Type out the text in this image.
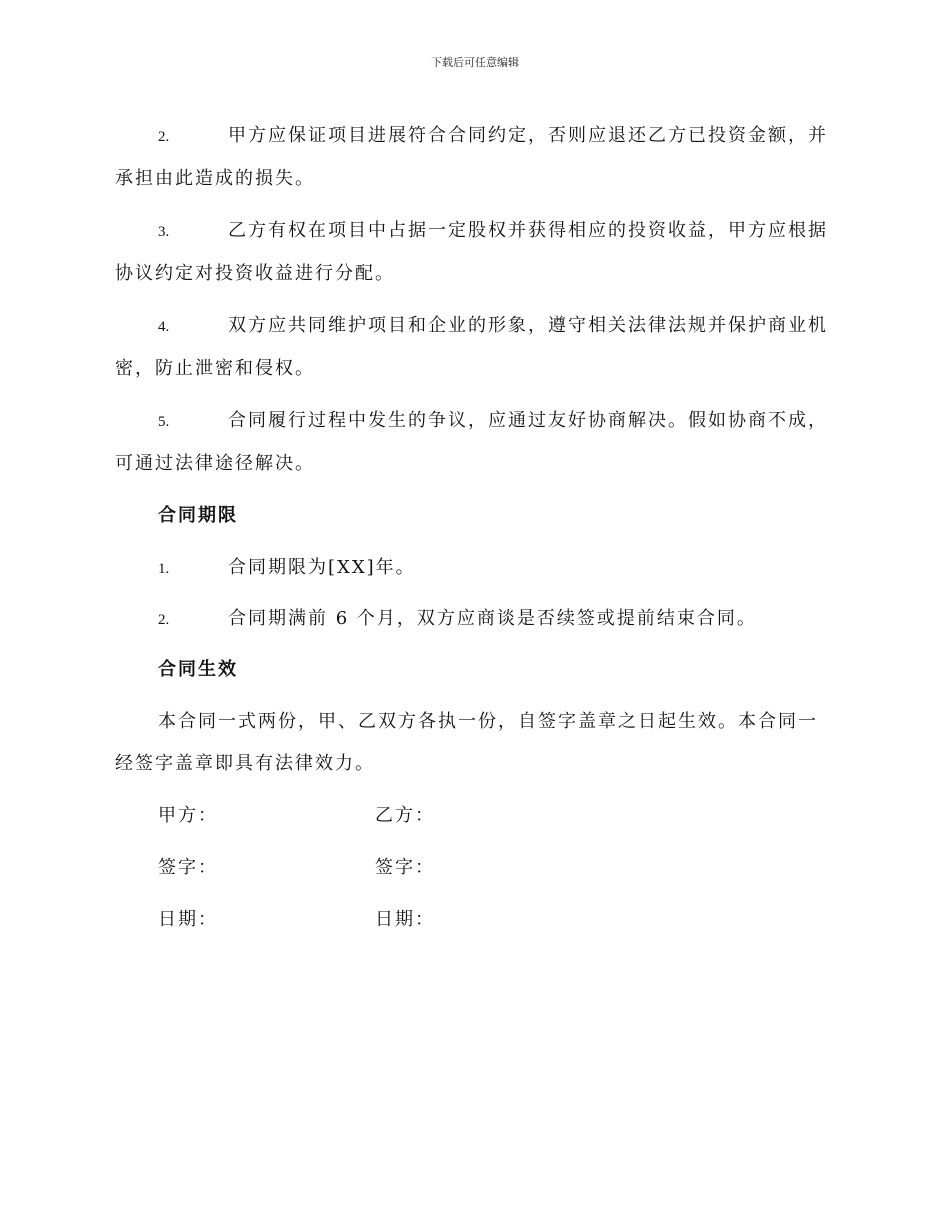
下载后可任意编辑
2.	甲方应保证项目进展符合合同约定，否则应退还乙方已投资金额，并承担由此造成的损失。
3.	乙方有权在项目中占据一定股权并获得相应的投资收益，甲方应根据协议约定对投资收益进行分配。
4.	双方应共同维护项目和企业的形象，遵守相关法律法规并保护商业机密，防止泄密和侵权。
5.	合同履行过程中发生的争议，应通过友好协商解决。假如协商不成，可通过法律途径解决。
合同期限
1.	合同期限为[XX]年。
2.	合同期满前 6 个月，双方应商谈是否续签或提前结束合同。
合同生效
本合同一式两份，甲、乙双方各执一份，自签字盖章之日起生效。本合同一经签字盖章即具有法律效力。
甲方：	乙方：
签字：	签字：
日期：	日期：
